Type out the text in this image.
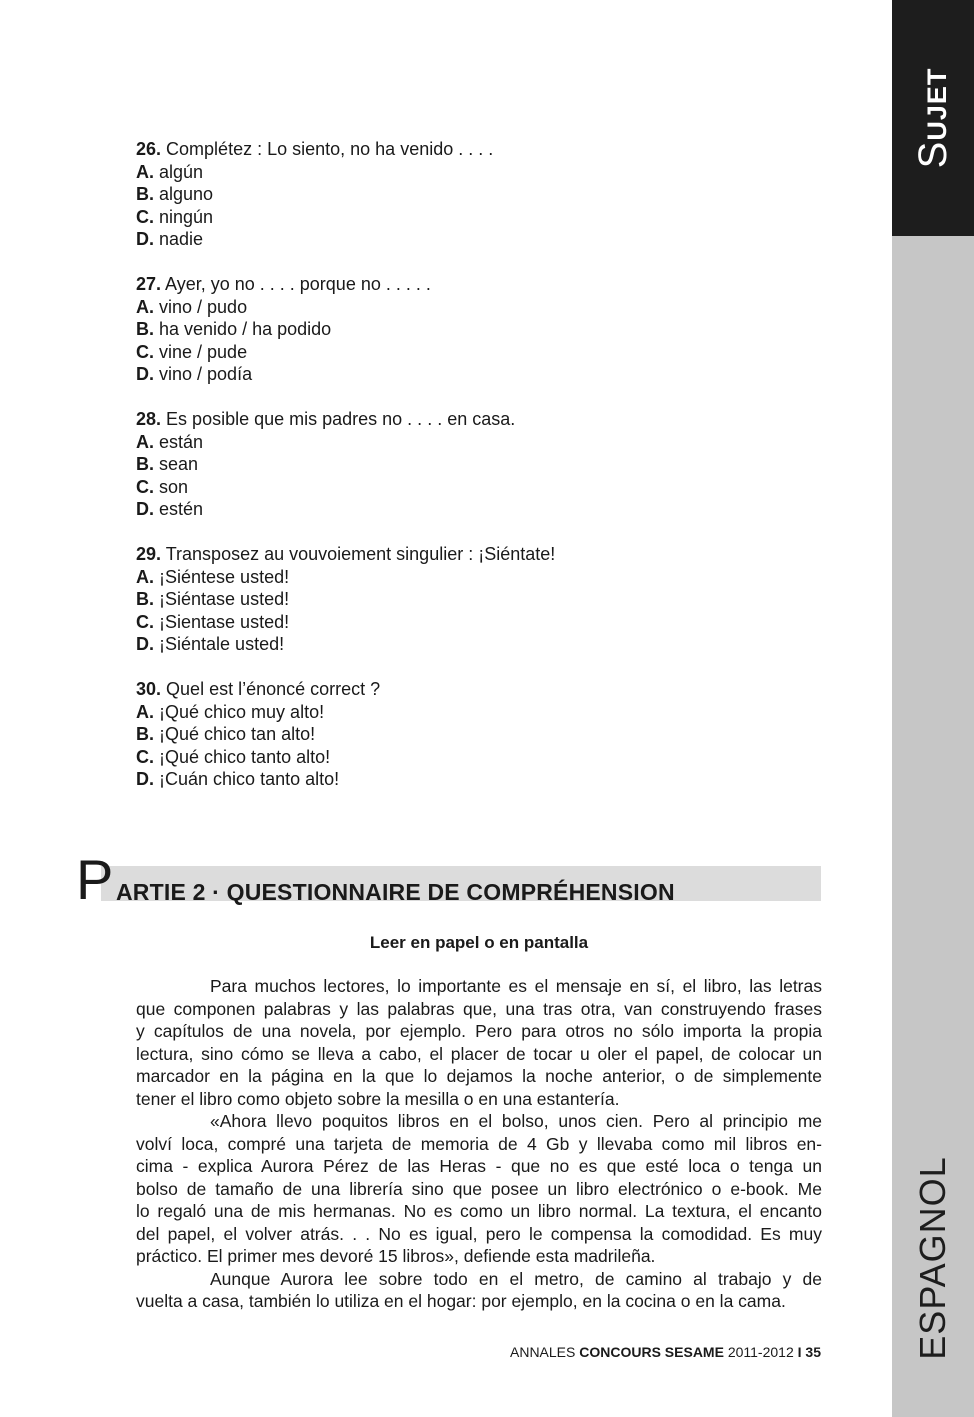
SUJET
ESPAGNOL
26. Complétez : Lo siento, no ha venido . . . .
A. algún
B. alguno
C. ningún
D. nadie
27. Ayer, yo no . . . . porque no . . . . .
A. vino / pudo
B. ha venido / ha podido
C. vine / pude
D. vino / podía
28. Es posible que mis padres no . . . . en casa.
A. están
B. sean
C. son
D. estén
29. Transposez au vouvoiement singulier : ¡Siéntate!
A. ¡Siéntese usted!
B. ¡Siéntase usted!
C. ¡Sientase usted!
D. ¡Siéntale usted!
30. Quel est l’énoncé correct ?
A. ¡Qué chico muy alto!
B. ¡Qué chico tan alto!
C. ¡Qué chico tanto alto!
D. ¡Cuán chico tanto alto!
P ARTIE 2 · QUESTIONNAIRE DE COMPRÉHENSION
Leer en papel o en pantalla
Para muchos lectores, lo importante es el mensaje en sí, el libro, las letras
que componen palabras y las palabras que, una tras otra, van construyendo frases
y capítulos de una novela, por ejemplo. Pero para otros no sólo importa la propia
lectura, sino cómo se lleva a cabo, el placer de tocar u oler el papel, de colocar un
marcador en la página en la que lo dejamos la noche anterior, o de simplemente
tener el libro como objeto sobre la mesilla o en una estantería.
«Ahora llevo poquitos libros en el bolso, unos cien. Pero al principio me
volví loca, compré una tarjeta de memoria de 4 Gb y llevaba como mil libros en-
cima - explica Aurora Pérez de las Heras - que no es que esté loca o tenga un
bolso de tamaño de una librería sino que posee un libro electrónico o e-book. Me
lo regaló una de mis hermanas. No es como un libro normal. La textura, el encanto
del papel, el volver atrás. . . No es igual, pero le compensa la comodidad. Es muy
práctico. El primer mes devoré 15 libros», defiende esta madrileña.
Aunque Aurora lee sobre todo en el metro, de camino al trabajo y de
vuelta a casa, también lo utiliza en el hogar: por ejemplo, en la cocina o en la cama.
ANNALES CONCOURS SESAME 2011-2012 I 35
